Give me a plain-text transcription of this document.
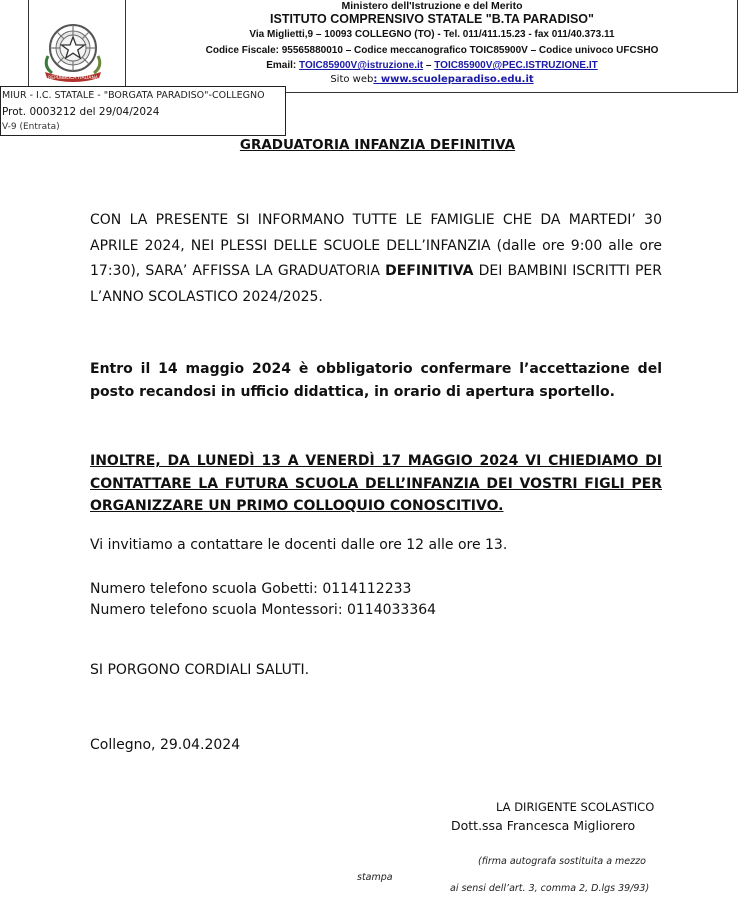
REPUBBLICA ITALIANA
Ministero dell'Istruzione e del Merito
ISTITUTO COMPRENSIVO STATALE "B.TA PARADISO"
Via Miglietti,9 – 10093 COLLEGNO (TO) - Tel. 011/411.15.23 - fax 011/40.373.11
Codice Fiscale: 95565880010 – Codice meccanografico TOIC85900V – Codice univoco UFCSHO
Email: TOIC85900V@istruzione.it – TOIC85900V@PEC.ISTRUZIONE.IT
Sito web: www.scuoleparadiso.edu.it
MIUR - I.C. STATALE - "BORGATA PARADISO"-COLLEGNO
Prot. 0003212 del 29/04/2024
V-9 (Entrata)
GRADUATORIA INFANZIA DEFINITIVA
CON LA PRESENTE SI INFORMANO TUTTE LE FAMIGLIE CHE DA MARTEDI’ 30 APRILE 2024, NEI PLESSI DELLE SCUOLE DELL’INFANZIA (dalle ore 9:00 alle ore 17:30), SARA’ AFFISSA LA GRADUATORIA DEFINITIVA DEI BAMBINI ISCRITTI PER L’ANNO SCOLASTICO 2024/2025.
Entro il 14 maggio 2024 è obbligatorio confermare l’accettazione del posto recandosi in ufficio didattica, in orario di apertura sportello.
INOLTRE, DA LUNEDÌ 13 A VENERDÌ 17 MAGGIO 2024 VI CHIEDIAMO DI CONTATTARE LA FUTURA SCUOLA DELL’INFANZIA DEI VOSTRI FIGLI PER ORGANIZZARE UN PRIMO COLLOQUIO CONOSCITIVO.
Vi invitiamo a contattare le docenti dalle ore 12 alle ore 13.
Numero telefono scuola Gobetti: 0114112233
Numero telefono scuola Montessori: 0114033364
SI PORGONO CORDIALI SALUTI.
Collegno, 29.04.2024
LA DIRIGENTE SCOLASTICO
Dott.ssa Francesca Migliorero
(firma autografa sostituita a mezzo
stampa
ai sensi dell’art. 3, comma 2, D.lgs 39/93)
